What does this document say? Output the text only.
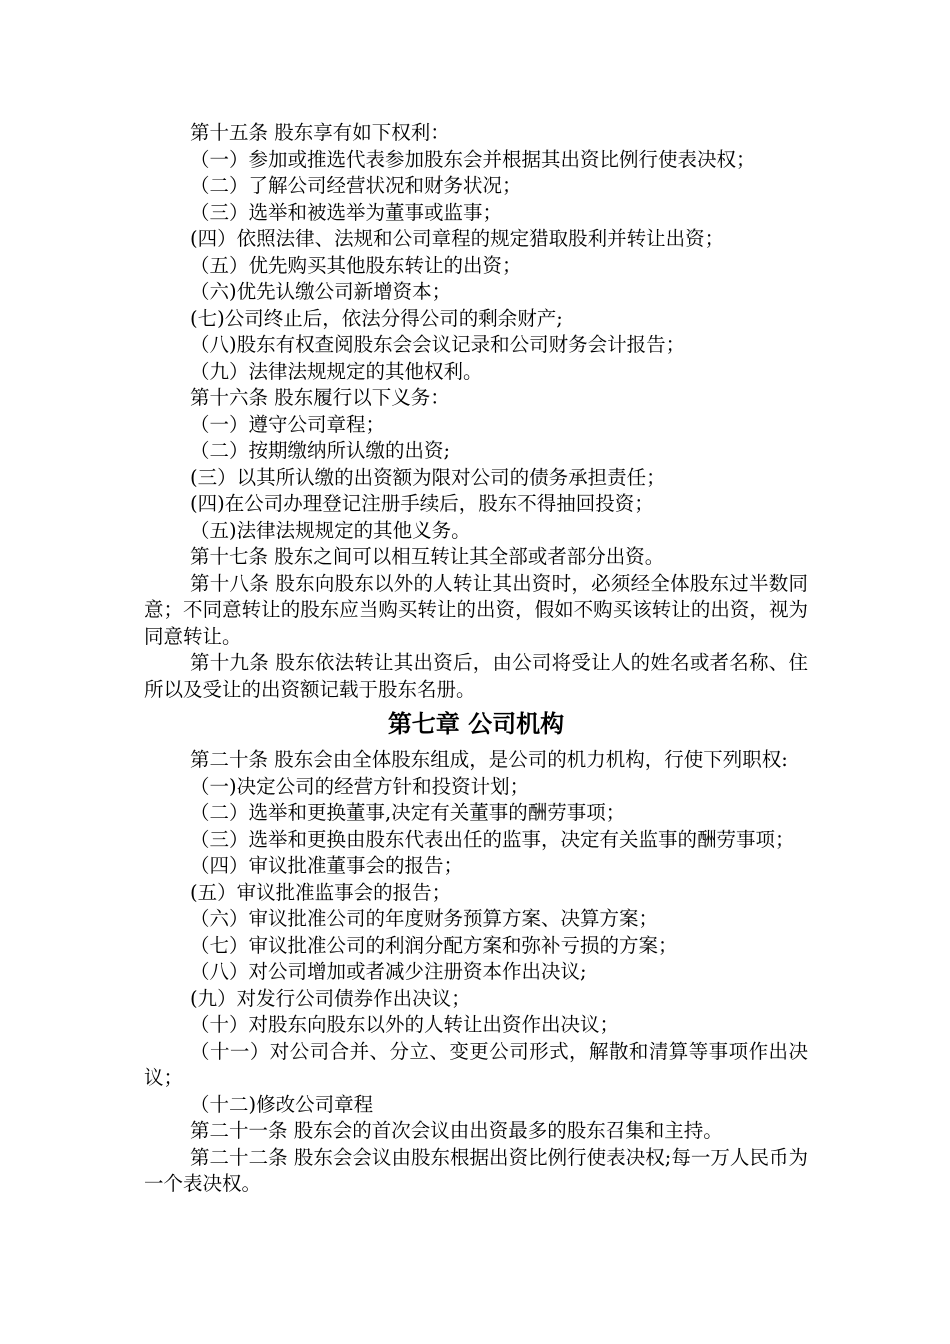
第十五条 股东享有如下权利：

（一）参加或推选代表参加股东会并根据其出资比例行使表决权；

（二）了解公司经营状况和财务状况；

（三）选举和被选举为董事或监事；

(四）依照法律、法规和公司章程的规定猎取股利并转让出资；

（五）优先购买其他股东转让的出资；

（六)优先认缴公司新增资本；

(七)公司终止后，依法分得公司的剩余财产;

（八)股东有权查阅股东会会议记录和公司财务会计报告；

（九）法律法规规定的其他权利。

第十六条 股东履行以下义务：

（一）遵守公司章程；

（二）按期缴纳所认缴的出资;

(三）以其所认缴的出资额为限对公司的债务承担责任；

(四)在公司办理登记注册手续后，股东不得抽回投资；

（五)法律法规规定的其他义务。

第十七条 股东之间可以相互转让其全部或者部分出资。

第十八条 股东向股东以外的人转让其出资时，必须经全体股东过半数同意；不同意转让的股东应当购买转让的出资，假如不购买该转让的出资，视为同意转让。

第十九条 股东依法转让其出资后，由公司将受让人的姓名或者名称、住所以及受让的出资额记载于股东名册。

第七章 公司机构

第二十条 股东会由全体股东组成，是公司的机力机构，行使下列职权:

（一)决定公司的经营方针和投资计划；

（二）选举和更换董事,决定有关董事的酬劳事项；

（三）选举和更换由股东代表出任的监事，决定有关监事的酬劳事项；

（四）审议批准董事会的报告；

(五）审议批准监事会的报告；

（六）审议批准公司的年度财务预算方案、决算方案；

（七）审议批准公司的利润分配方案和弥补亏损的方案；

（八）对公司增加或者减少注册资本作出决议;

(九）对发行公司债券作出决议；

（十）对股东向股东以外的人转让出资作出决议；

（十一）对公司合并、分立、变更公司形式，解散和清算等事项作出决议；

（十二)修改公司章程

第二十一条 股东会的首次会议由出资最多的股东召集和主持。

第二十二条 股东会会议由股东根据出资比例行使表决权;每一万人民币为一个表决权。
